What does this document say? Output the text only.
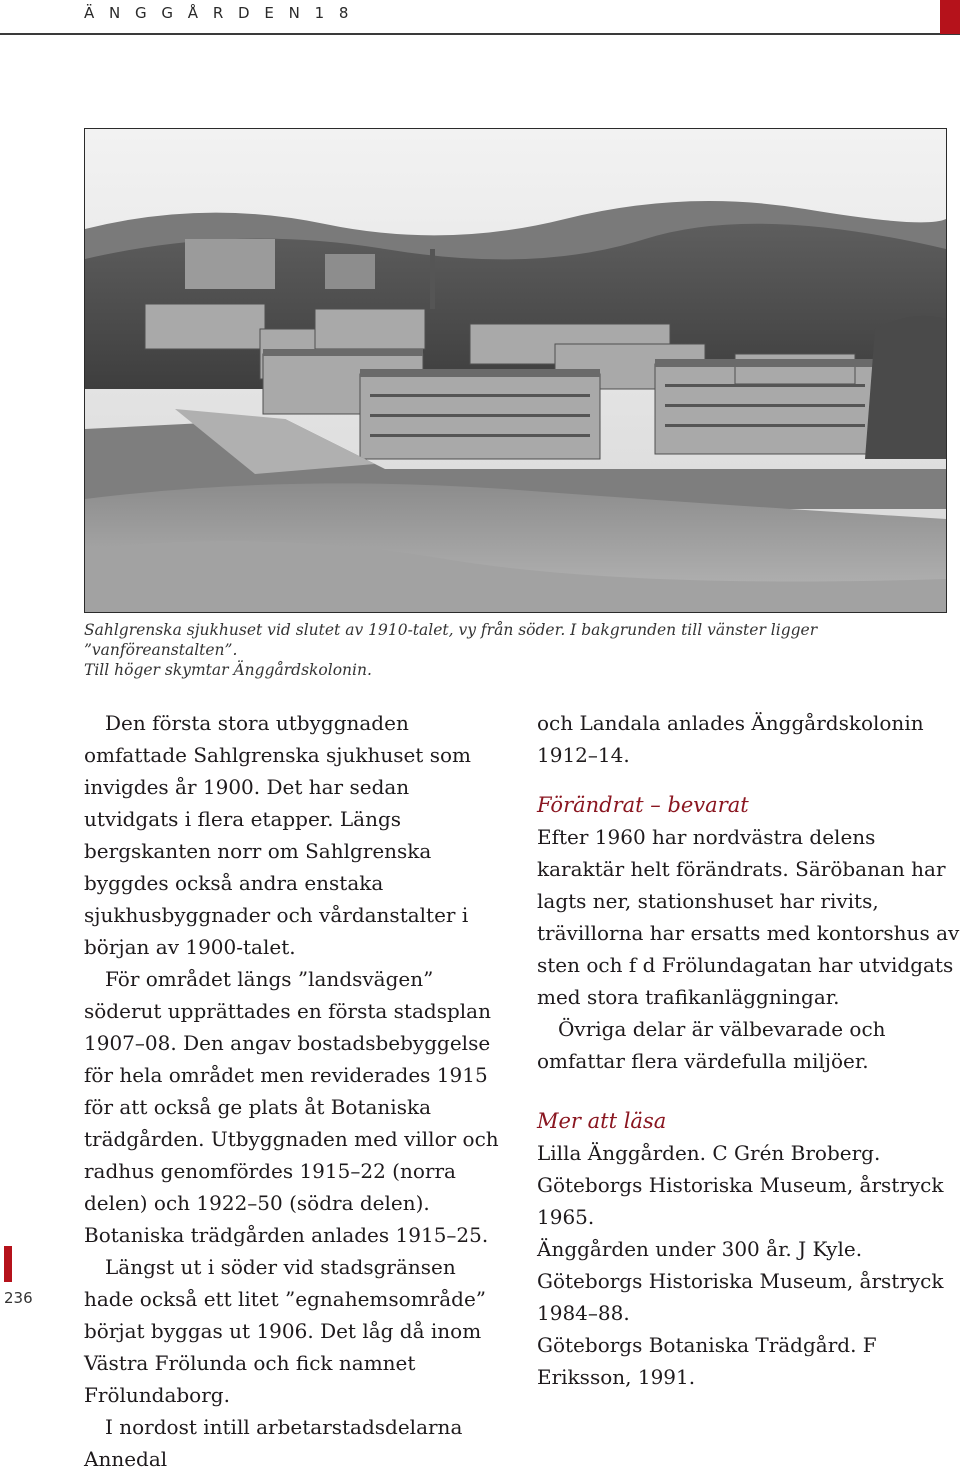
Ä N G G Å R D E N 1 8
Sahlgrenska sjukhuset vid slutet av 1910-talet, vy från söder. I bakgrunden till vänster ligger ”vanföreanstalten”.
Till höger skymtar Änggårdskolonin.

Den första stora utbyggnaden omfattade Sahlgrenska sjukhuset som invigdes år 1900. Det har sedan utvidgats i flera etapper. Längs bergskanten norr om Sahlgrenska byggdes också andra enstaka sjukhusbyggnader och vårdanstalter i början av 1900-talet.

För området längs ”landsvägen” söderut upprättades en första stadsplan 1907–08. Den angav bostadsbebyggelse för hela området men reviderades 1915 för att också ge plats åt Botaniska trädgården. Utbyggnaden med villor och radhus genomfördes 1915–22 (norra delen) och 1922–50 (södra delen). Botaniska trädgården anlades 1915–25.

Längst ut i söder vid stadsgränsen hade också ett litet ”egnahemsområde” börjat byggas ut 1906. Det låg då inom Västra Frölunda och fick namnet Frölundaborg.

I nordost intill arbetarstadsdelarna Annedal

och Landala anlades Änggårdskolonin 1912–14.

Förändrat – bevarat

Efter 1960 har nordvästra delens karaktär helt förändrats. Säröbanan har lagts ner, stationshuset har rivits, trävillorna har ersatts med kontorshus av sten och f d Frölundagatan har utvidgats med stora trafikanläggningar.

Övriga delar är välbevarade och omfattar flera värdefulla miljöer.

Mer att läsa

Lilla Änggården. C Grén Broberg. Göteborgs Historiska Museum, årstryck 1965.

Änggården under 300 år. J Kyle. Göteborgs Historiska Museum, årstryck 1984–88.

Göteborgs Botaniska Trädgård. F Eriksson, 1991.

236
